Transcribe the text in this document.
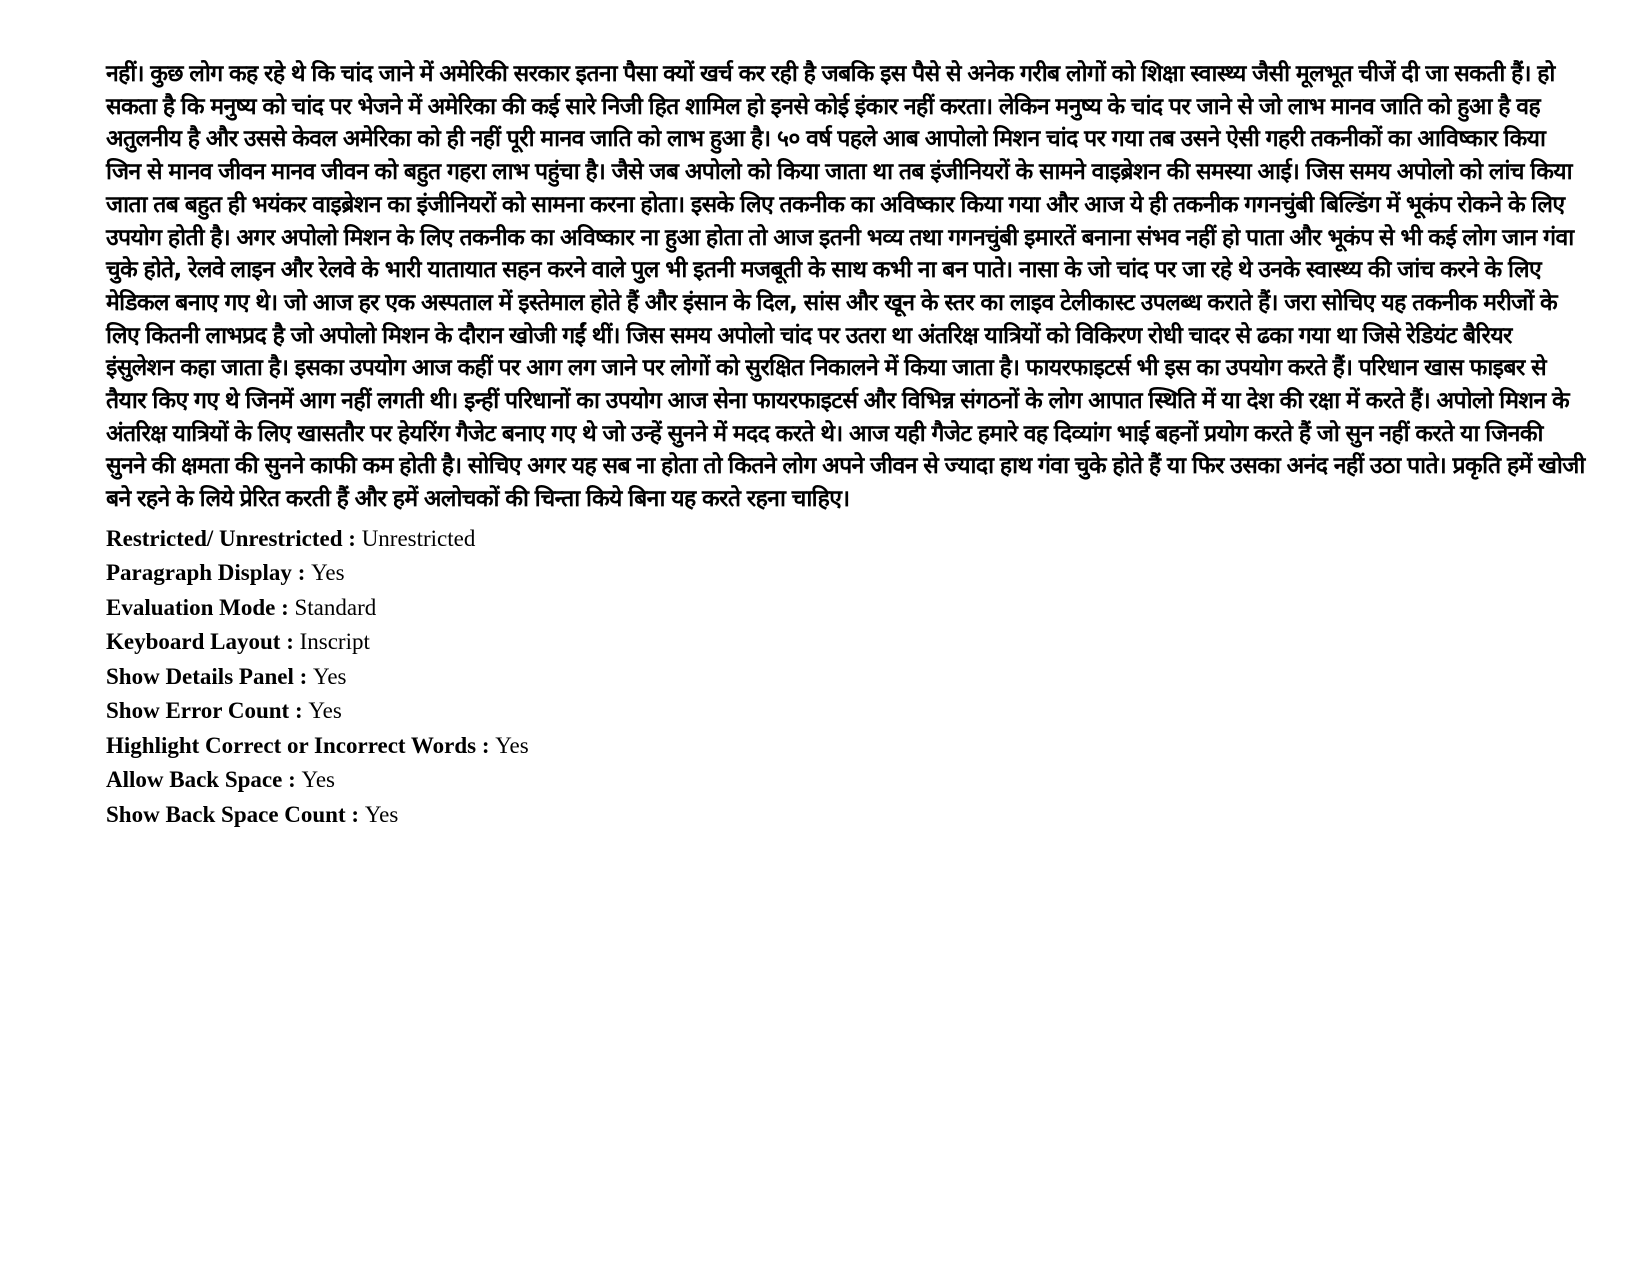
नहीं। कुछ लोग कह रहे थे कि चांद जाने में अमेरिकी सरकार इतना पैसा क्यों खर्च कर रही है जबकि इस पैसे से अनेक गरीब लोगों को शिक्षा स्वास्थ्य जैसी मूलभूत चीजें दी जा सकती हैं। हो सकता है कि मनुष्य को चांद पर भेजने में अमेरिका की कई सारे निजी हित शामिल हो इनसे कोई इंकार नहीं करता। लेकिन मनुष्य के चांद पर जाने से जो लाभ मानव जाति को हुआ है वह अतुलनीय है और उससे केवल अमेरिका को ही नहीं पूरी मानव जाति को लाभ हुआ है। ५० वर्ष पहले आब आपोलो मिशन चांद पर गया तब उसने ऐसी गहरी तकनीकों का आविष्कार किया जिन से मानव जीवन मानव जीवन को बहुत गहरा लाभ पहुंचा है। जैसे जब अपोलो को किया जाता था तब इंजीनियरों के सामने वाइब्रेशन की समस्या आई। जिस समय अपोलो को लांच किया जाता तब बहुत ही भयंकर वाइब्रेशन का इंजीनियरों को सामना करना होता। इसके लिए तकनीक का अविष्कार किया गया और आज ये ही तकनीक गगनचुंबी बिल्डिंग में भूकंप रोकने के लिए उपयोग होती है। अगर अपोलो मिशन के लिए तकनीक का अविष्कार ना हुआ होता तो आज इतनी भव्य तथा गगनचुंबी इमारतें बनाना संभव नहीं हो पाता और भूकंप से भी कई लोग जान गंवा चुके होते, रेलवे लाइन और रेलवे के भारी यातायात सहन करने वाले पुल भी इतनी मजबूती के साथ कभी ना बन पाते। नासा के जो चांद पर जा रहे थे उनके स्वास्थ्य की जांच करने के लिए मेडिकल बनाए गए थे। जो आज हर एक अस्पताल में इस्तेमाल होते हैं और इंसान के दिल, सांस और खून के स्तर का लाइव टेलीकास्ट उपलब्ध कराते हैं। जरा सोचिए यह तकनीक मरीजों के लिए कितनी लाभप्रद है जो अपोलो मिशन के दौरान खोजी गईं थीं। जिस समय अपोलो चांद पर उतरा था अंतरिक्ष यात्रियों को विकिरण रोधी चादर से ढका गया था जिसे रेडियंट बैरियर इंसुलेशन कहा जाता है। इसका उपयोग आज कहीं पर आग लग जाने पर लोगों को सुरक्षित निकालने में किया जाता है। फायरफाइटर्स भी इस का उपयोग करते हैं। परिधान खास फाइबर से तैयार किए गए थे जिनमें आग नहीं लगती थी। इन्हीं परिधानों का उपयोग आज सेना फायरफाइटर्स और विभिन्न संगठनों के लोग आपात स्थिति में या देश की रक्षा में करते हैं। अपोलो मिशन के अंतरिक्ष यात्रियों के लिए खासतौर पर हेयरिंग गैजेट बनाए गए थे जो उन्हें सुनने में मदद करते थे। आज यही गैजेट हमारे वह दिव्यांग भाई बहनों प्रयोग करते हैं जो सुन नहीं करते या जिनकी सुनने की क्षमता की सुनने काफी कम होती है। सोचिए अगर यह सब ना होता तो कितने लोग अपने जीवन से ज्यादा हाथ गंवा चुके होते हैं या फिर उसका अनंद नहीं उठा पाते। प्रकृति हमें खोजी बने रहने के लिये प्रेरित करती हैं और हमें अलोचकों की चिन्ता किये बिना यह करते रहना चाहिए।

Restricted/ Unrestricted : Unrestricted
Paragraph Display : Yes
Evaluation Mode : Standard
Keyboard Layout : Inscript
Show Details Panel : Yes
Show Error Count : Yes
Highlight Correct or Incorrect Words : Yes
Allow Back Space : Yes
Show Back Space Count : Yes
